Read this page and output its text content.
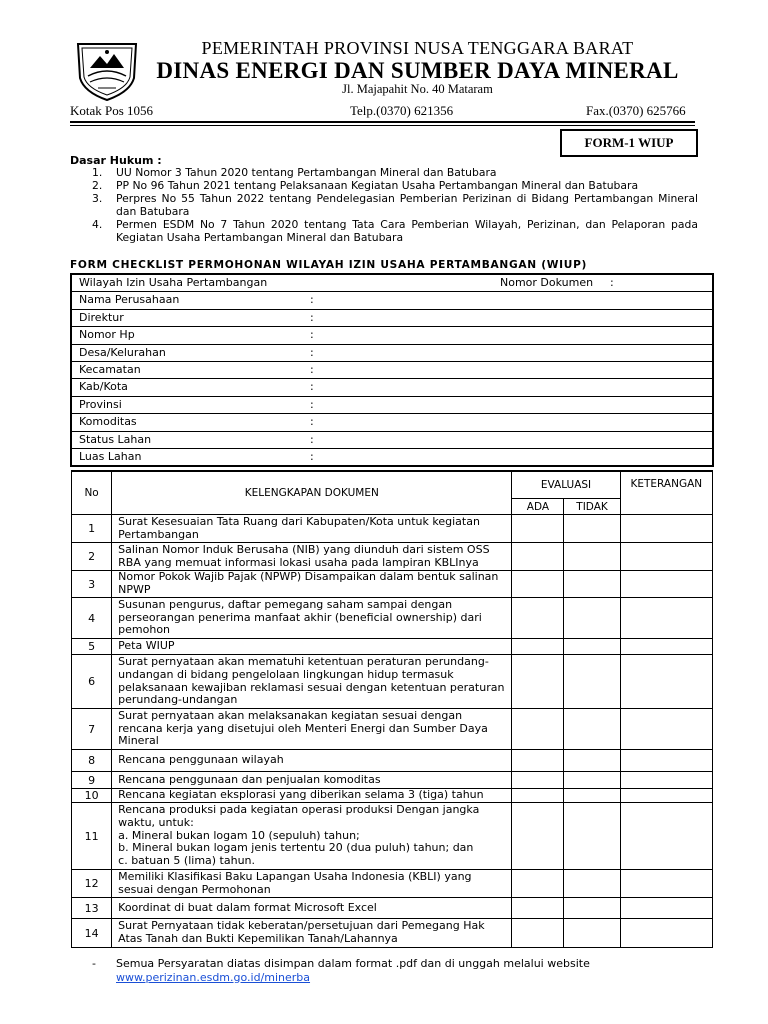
PEMERINTAH PROVINSI NUSA TENGGARA BARAT
DINAS ENERGI DAN SUMBER DAYA MINERAL
Jl. Majapahit No. 40 Mataram
Kotak Pos 1056	Telp.(0370) 621356	Fax.(0370) 625766
FORM-1 WIUP
Dasar Hukum :
1. UU Nomor 3 Tahun 2020 tentang Pertambangan Mineral dan Batubara
2. PP No 96 Tahun 2021 tentang Pelaksanaan Kegiatan Usaha Pertambangan Mineral dan Batubara
3. Perpres No 55 Tahun 2022 tentang Pendelegasian Pemberian Perizinan di Bidang Pertambangan Mineral dan Batubara
4. Permen ESDM No 7 Tahun 2020 tentang Tata Cara Pemberian Wilayah, Perizinan, dan Pelaporan pada Kegiatan Usaha Pertambangan Mineral dan Batubara
FORM CHECKLIST PERMOHONAN WILAYAH IZIN USAHA PERTAMBANGAN (WIUP)
Wilayah Izin Usaha Pertambangan	Nomor Dokumen :
Nama Perusahaan	:
Direktur	:
Nomor Hp	:
Desa/Kelurahan	:
Kecamatan	:
Kab/Kota	:
Provinsi	:
Komoditas	:
Status Lahan	:
Luas Lahan	:
No	KELENGKAPAN DOKUMEN	EVALUASI		KETERANGAN
		ADA	TIDAK	
1	Surat Kesesuaian Tata Ruang dari Kabupaten/Kota untuk kegiatan Pertambangan			
2	Salinan Nomor Induk Berusaha (NIB) yang diunduh dari sistem OSS RBA yang memuat informasi lokasi usaha pada lampiran KBLInya			
3	Nomor Pokok Wajib Pajak (NPWP) Disampaikan dalam bentuk salinan NPWP			
4	Susunan pengurus, daftar pemegang saham sampai dengan perseorangan penerima manfaat akhir (beneficial ownership) dari pemohon			
5	Peta WIUP			
6	Surat pernyataan akan mematuhi ketentuan peraturan perundang-undangan di bidang pengelolaan lingkungan hidup termasuk pelaksanaan kewajiban reklamasi sesuai dengan ketentuan peraturan perundang-undangan			
7	Surat pernyataan akan melaksanakan kegiatan sesuai dengan rencana kerja yang disetujui oleh Menteri Energi dan Sumber Daya Mineral			
8	Rencana penggunaan wilayah			
9	Rencana penggunaan dan penjualan komoditas			
10	Rencana kegiatan eksplorasi yang diberikan selama 3 (tiga) tahun			
11	Rencana produksi pada kegiatan operasi produksi Dengan jangka waktu, untuk:
a. Mineral bukan logam 10 (sepuluh) tahun;
b. Mineral bukan logam jenis tertentu 20 (dua puluh) tahun; dan
c. batuan 5 (lima) tahun.			

12	Memiliki Klasifikasi Baku Lapangan Usaha Indonesia (KBLI) yang sesuai dengan Permohonan			
13	Koordinat di buat dalam format Microsoft Excel			
14	Surat Pernyataan tidak keberatan/persetujuan dari Pemegang Hak Atas Tanah dan Bukti Kepemilikan Tanah/Lahannya			
- Semua Persyaratan diatas disimpan dalam format .pdf dan di unggah melalui website
www.perizinan.esdm.go.id/minerba
